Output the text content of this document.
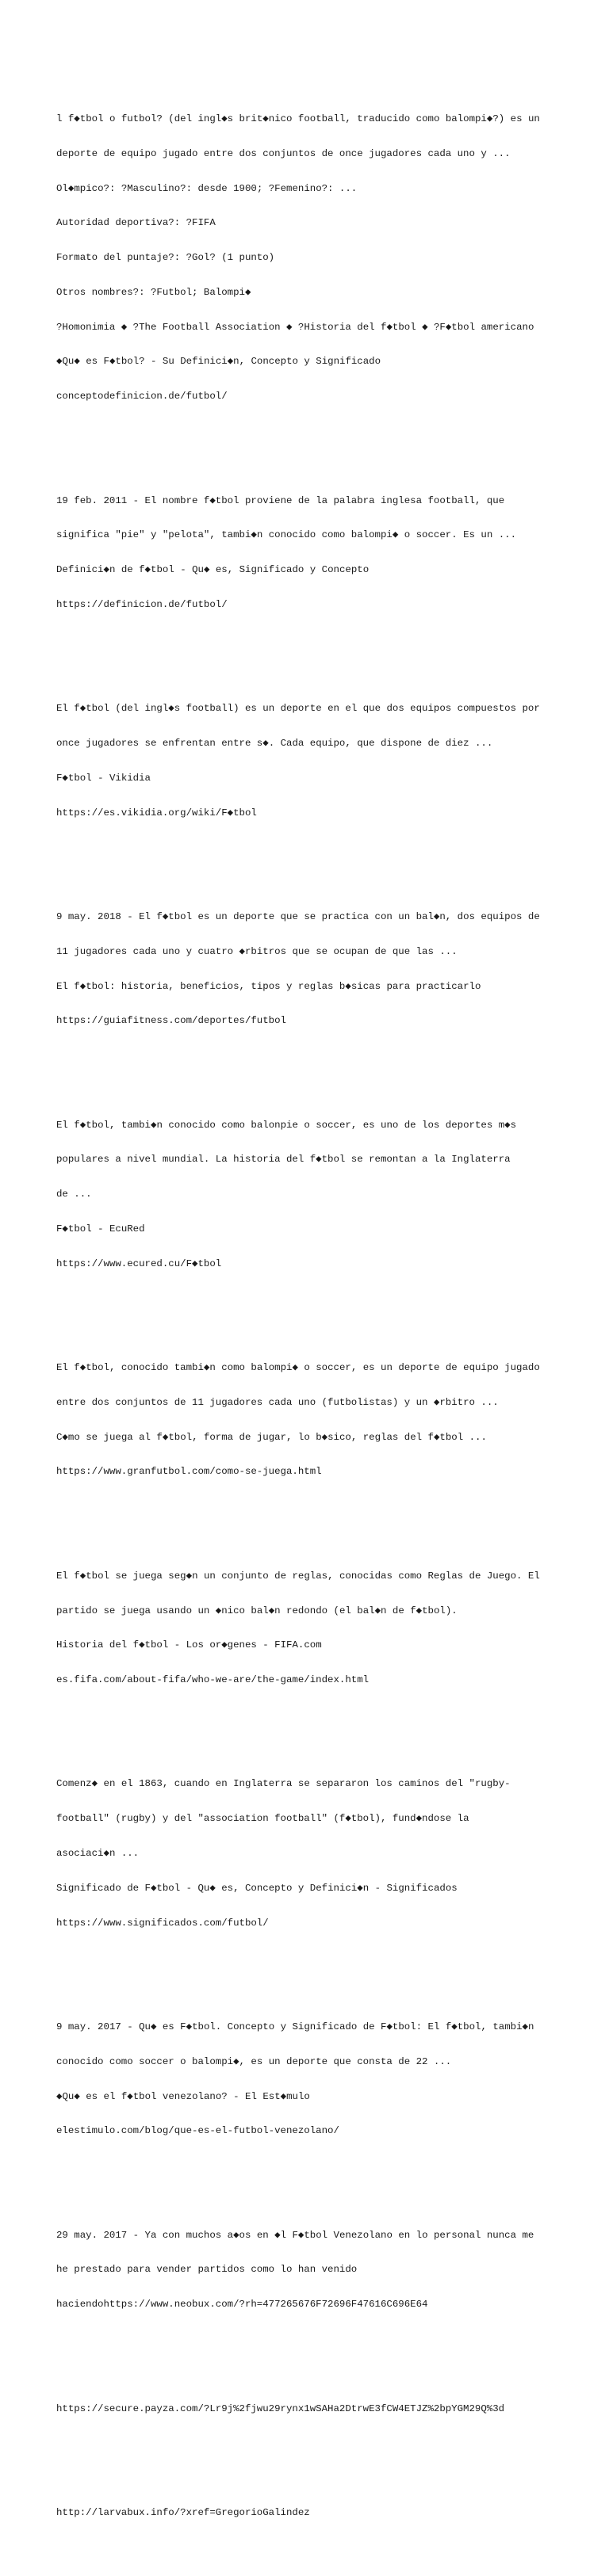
l f◆tbol o futbol? (del ingl◆s brit◆nico football, traducido como balompi◆?) es un

deporte de equipo jugado entre dos conjuntos de once jugadores cada uno y ...

Ol◆mpico?: ?Masculino?: desde 1900; ?Femenino?: ...

Autoridad deportiva?: ?FIFA

Formato del puntaje?: ?Gol? (1 punto)

Otros nombres?: ?Futbol; Balompi◆

?Homonimia ◆ ?The Football Association ◆ ?Historia del f◆tbol ◆ ?F◆tbol americano

◆Qu◆ es F◆tbol? - Su Definici◆n, Concepto y Significado

conceptodefinicion.de/futbol/

19 feb. 2011 - El nombre f◆tbol proviene de la palabra inglesa football, que

significa "pie" y "pelota", tambi◆n conocido como balompi◆ o soccer. Es un ...

Definici◆n de f◆tbol - Qu◆ es, Significado y Concepto

https://definicion.de/futbol/

El f◆tbol (del ingl◆s football) es un deporte en el que dos equipos compuestos por

once jugadores se enfrentan entre s◆. Cada equipo, que dispone de diez ...

F◆tbol - Vikidia

https://es.vikidia.org/wiki/F◆tbol

9 may. 2018 - El f◆tbol es un deporte que se practica con un bal◆n, dos equipos de

11 jugadores cada uno y cuatro ◆rbitros que se ocupan de que las ...

El f◆tbol: historia, beneficios, tipos y reglas b◆sicas para practicarlo

https://guiafitness.com/deportes/futbol

El f◆tbol, tambi◆n conocido como balonpie o soccer, es uno de los deportes m◆s

populares a nivel mundial. La historia del f◆tbol se remontan a la Inglaterra

de ...

F◆tbol - EcuRed

https://www.ecured.cu/F◆tbol

El f◆tbol, conocido tambi◆n como balompi◆ o soccer, es un deporte de equipo jugado

entre dos conjuntos de 11 jugadores cada uno (futbolistas) y un ◆rbitro ...

C◆mo se juega al f◆tbol, forma de jugar, lo b◆sico, reglas del f◆tbol ...

https://www.granfutbol.com/como-se-juega.html

El f◆tbol se juega seg◆n un conjunto de reglas, conocidas como Reglas de Juego. El

partido se juega usando un ◆nico bal◆n redondo (el bal◆n de f◆tbol).

Historia del f◆tbol - Los or◆genes - FIFA.com

es.fifa.com/about-fifa/who-we-are/the-game/index.html

Comenz◆ en el 1863, cuando en Inglaterra se separaron los caminos del "rugby-

football" (rugby) y del "association football" (f◆tbol), fund◆ndose la

asociaci◆n ...

Significado de F◆tbol - Qu◆ es, Concepto y Definici◆n - Significados

https://www.significados.com/futbol/

9 may. 2017 - Qu◆ es F◆tbol. Concepto y Significado de F◆tbol: El f◆tbol, tambi◆n

conocido como soccer o balompi◆, es un deporte que consta de 22 ...

◆Qu◆ es el f◆tbol venezolano? - El Est◆mulo

elestimulo.com/blog/que-es-el-futbol-venezolano/

29 may. 2017 - Ya con muchos a◆os en ◆l F◆tbol Venezolano en lo personal nunca me

he prestado para vender partidos como lo han venido

haciendohttps://www.neobux.com/?rh=477265676F72696F47616C696E64

https://secure.payza.com/?Lr9j%2fjwu29rynx1wSAHa2DtrwE3fCW4ETJZ%2bpYGM29Q%3d

http://larvabux.info/?xref=GregorioGalindez
